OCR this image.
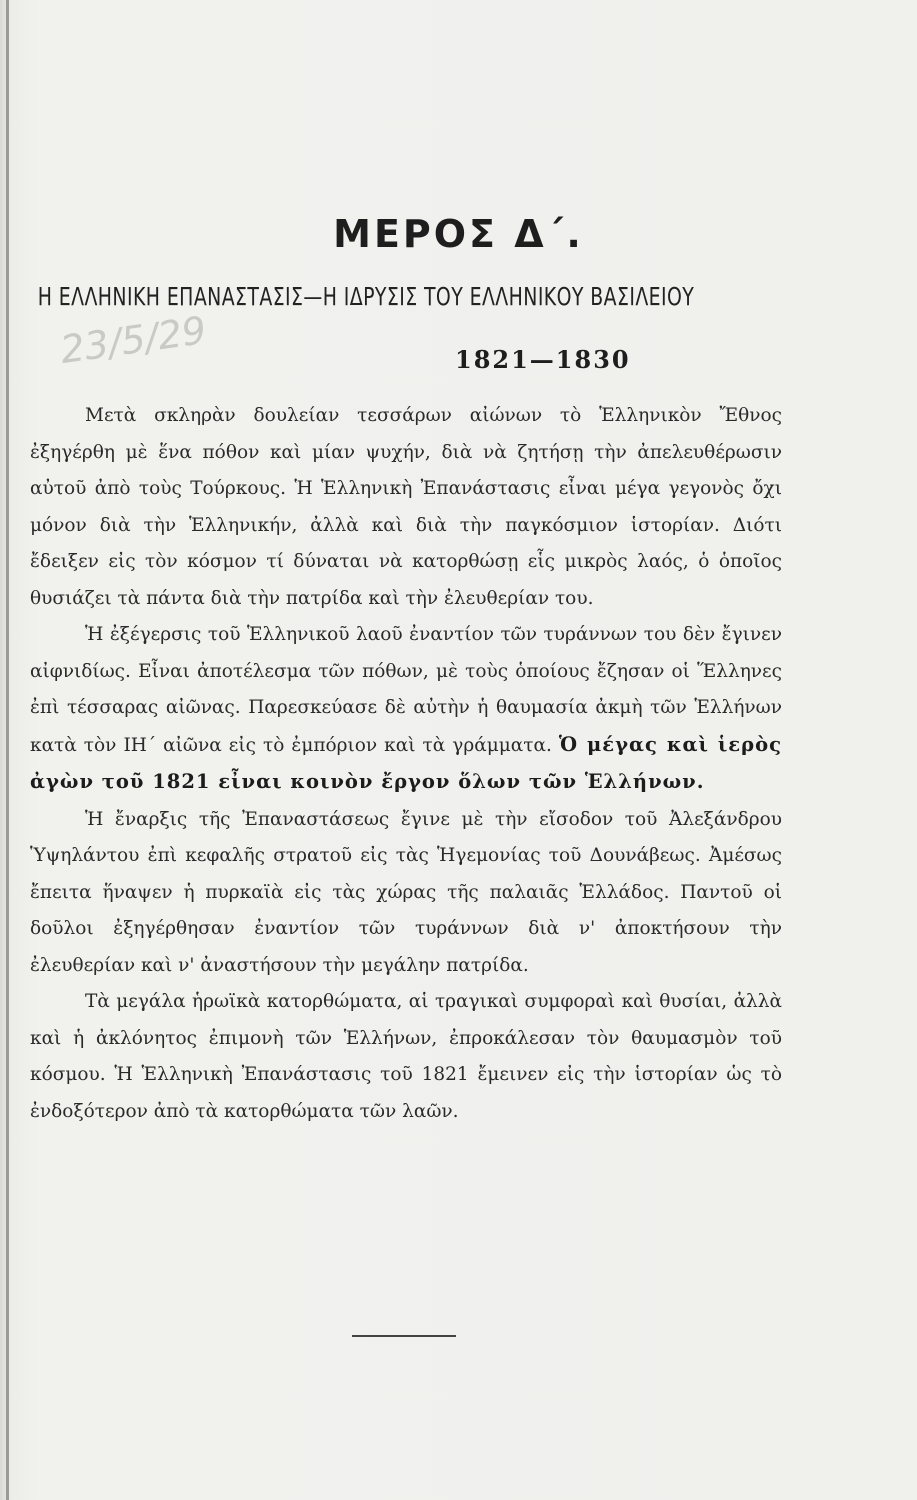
ΜΕΡΟΣ Δ΄.
Η ΕΛΛΗΝΙΚΗ ΕΠΑΝΑΣΤΑΣΙΣ—Η ΙΔΡΥΣΙΣ ΤΟΥ ΕΛΛΗΝΙΚΟΥ ΒΑΣΙΛΕΙΟΥ
23/5/29	1821—1830

Μετὰ σκληρὰν δουλείαν τεσσάρων αἰώνων τὸ Ἑλληνικὸν Ἔθνος ἐξηγέρθη μὲ ἕνα πόθον καὶ μίαν ψυχήν, διὰ νὰ ζητήσῃ τὴν ἀπελευθέρωσιν αὐτοῦ ἀπὸ τοὺς Τούρκους. Ἡ Ἑλληνικὴ Ἐπανάστασις εἶναι μέγα γεγονὸς ὄχι μόνον διὰ τὴν Ἑλληνικήν, ἀλλὰ καὶ διὰ τὴν παγκόσμιον ἱστορίαν. Διότι ἔδειξεν εἰς τὸν κόσμον τί δύναται νὰ κατορθώσῃ εἷς μικρὸς λαός, ὁ ὁποῖος θυσιάζει τὰ πάντα διὰ τὴν πατρίδα καὶ τὴν ἐλευθερίαν του.

Ἡ ἐξέγερσις τοῦ Ἑλληνικοῦ λαοῦ ἐναντίον τῶν τυράννων του δὲν ἔγινεν αἰφνιδίως. Εἶναι ἀποτέλεσμα τῶν πόθων, μὲ τοὺς ὁποίους ἔζησαν οἱ Ἕλληνες ἐπὶ τέσσαρας αἰῶνας. Παρεσκεύασε δὲ αὐτὴν ἡ θαυμασία ἀκμὴ τῶν Ἑλλήνων κατὰ τὸν ΙΗ΄ αἰῶνα εἰς τὸ ἐμπόριον καὶ τὰ γράμματα. Ὁ μέγας καὶ ἱερὸς ἀγὼν τοῦ 1821 εἶναι κοινὸν ἔργον ὅλων τῶν Ἑλλήνων.

Ἡ ἔναρξις τῆς Ἐπαναστάσεως ἔγινε μὲ τὴν εἴσοδον τοῦ Ἀλεξάνδρου Ὑψηλάντου ἐπὶ κεφαλῆς στρατοῦ εἰς τὰς Ἡγεμονίας τοῦ Δουνάβεως. Ἀμέσως ἔπειτα ἥναψεν ἡ πυρκαϊὰ εἰς τὰς χώρας τῆς παλαιᾶς Ἑλλάδος. Παντοῦ οἱ δοῦλοι ἐξηγέρθησαν ἐναντίον τῶν τυράννων διὰ ν' ἀποκτήσουν τὴν ἐλευθερίαν καὶ ν' ἀναστήσουν τὴν μεγάλην πατρίδα.

Τὰ μεγάλα ἡρωϊκὰ κατορθώματα, αἱ τραγικαὶ συμφοραὶ καὶ θυσίαι, ἀλλὰ καὶ ἡ ἀκλόνητος ἐπιμονὴ τῶν Ἑλλήνων, ἐπροκάλεσαν τὸν θαυμασμὸν τοῦ κόσμου. Ἡ Ἑλληνικὴ Ἐπανάστασις τοῦ 1821 ἔμεινεν εἰς τὴν ἱστορίαν ὡς τὸ ἐνδοξότερον ἀπὸ τὰ κατορθώματα τῶν λαῶν.
